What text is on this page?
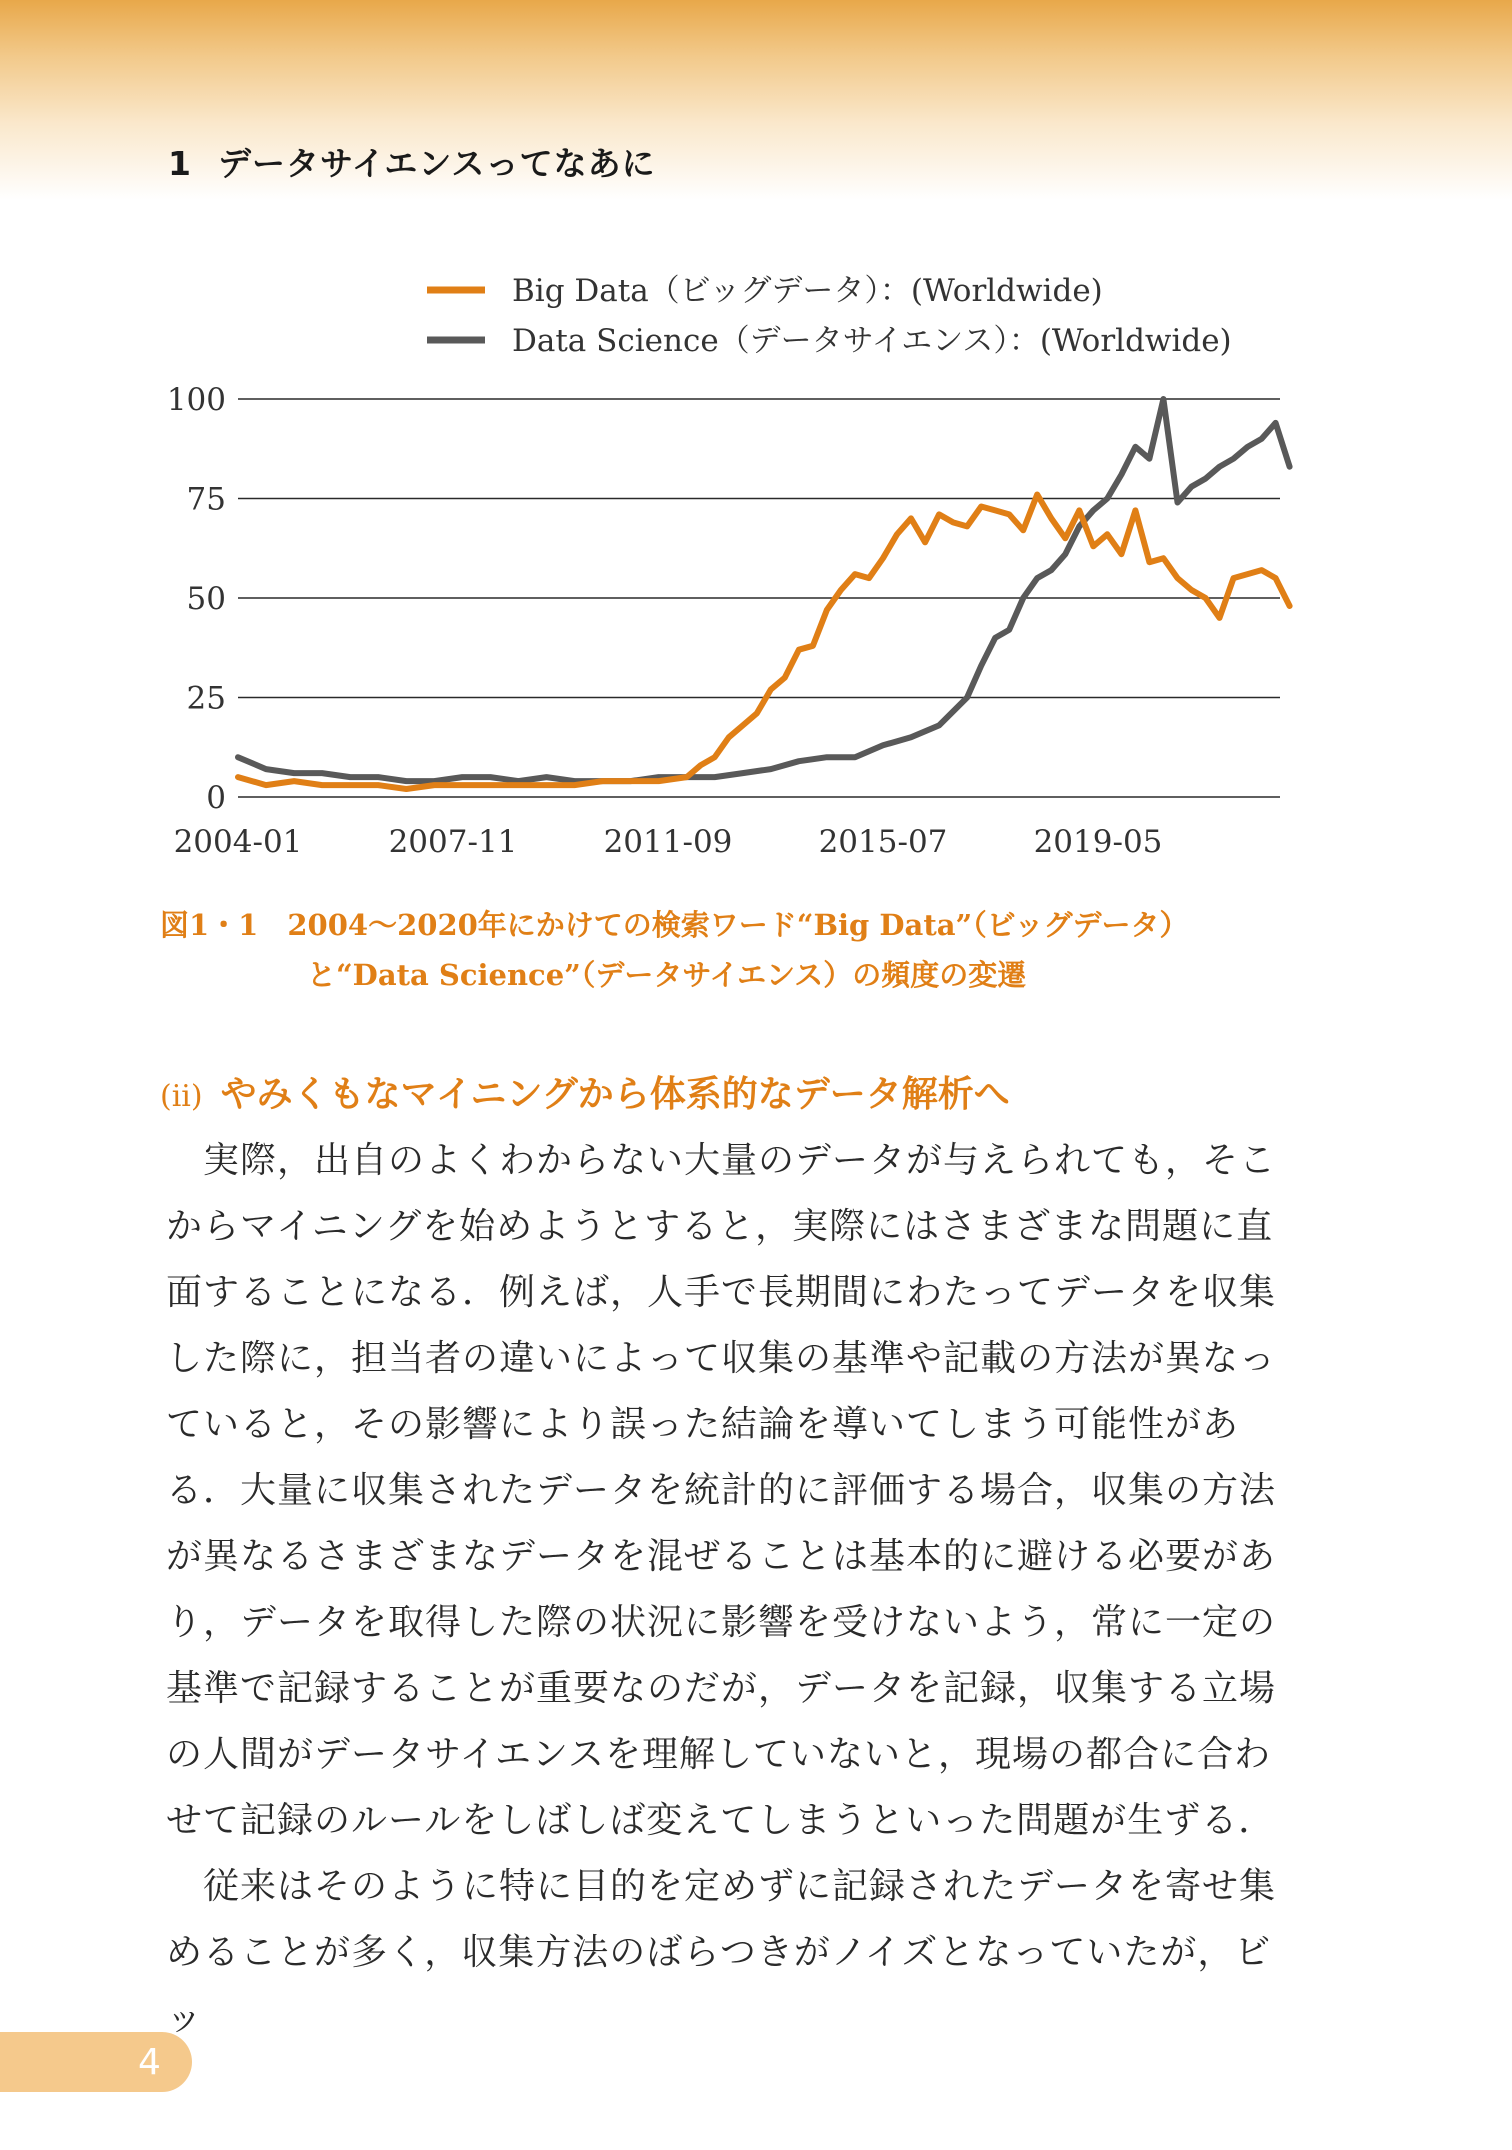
1 データサイエンスってなあに
Big Data（ビッグデータ）：(Worldwide)
Data Science（データサイエンス）：(Worldwide)
0
25
50
75
100
2004-01	2007-11	2011-09	2015-07	2019-05
図1・1　 2004～2020年にかけての検索ワード“Big Data”（ビッグデータ）
と“Data Science”（データサイエンス）の頻度の変遷
(ii) やみくもなマイニングから体系的なデータ解析へ

　実際，出自のよくわからない大量のデータが与えられても，そこからマイニングを始めようとすると，実際にはさまざまな問題に直面することになる．例えば，人手で長期間にわたってデータを収集した際に，担当者の違いによって収集の基準や記載の方法が異なっていると，その影響により誤った結論を導いてしまう可能性がある．大量に収集されたデータを統計的に評価する場合，収集の方法が異なるさまざまなデータを混ぜることは基本的に避ける必要があり，データを取得した際の状況に影響を受けないよう，常に一定の基準で記録することが重要なのだが，データを記録，収集する立場の人間がデータサイエンスを理解していないと，現場の都合に合わせて記録のルールをしばしば変えてしまうといった問題が生ずる．

　従来はそのように特に目的を定めずに記録されたデータを寄せ集めることが多く，収集方法のばらつきがノイズとなっていたが，ビッ

4
